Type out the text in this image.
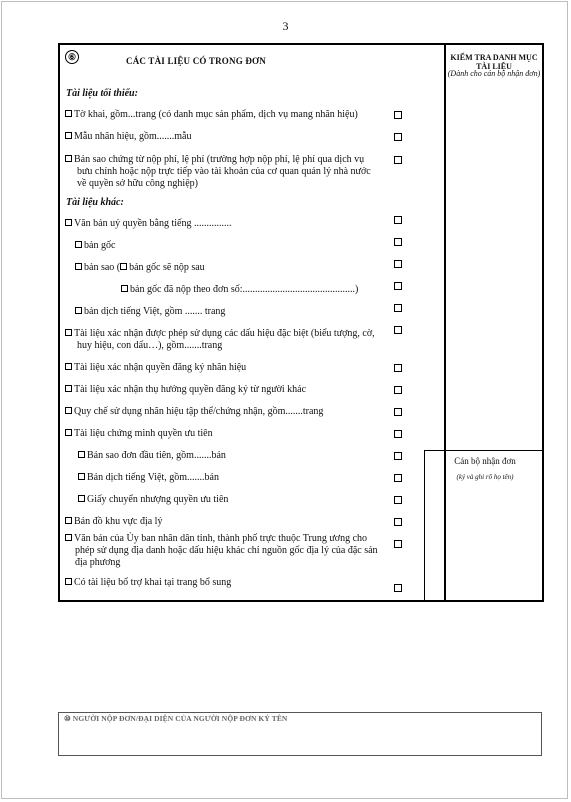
3
⑥	CÁC TÀI LIỆU CÓ TRONG ĐƠN	KIỂM TRA DANH MỤC TÀI LIỆU
(Dành cho cán bộ nhận đơn)
Tài liệu tối thiểu:
Tờ khai, gồm...trang (có danh mục sản phẩm, dịch vụ mang nhãn hiệu)
Mẫu nhãn hiệu, gồm.......mẫu
Bản sao chứng từ nộp phí, lệ phí (trường hợp nộp phí, lệ phí qua dịch vụ
bưu chính hoặc nộp trực tiếp vào tài khoản của cơ quan quản lý nhà nước
về quyền sở hữu công nghiệp)
Tài liệu khác:
Văn bản uỷ quyền bằng tiếng ...............
bản gốc
bản sao ( bản gốc sẽ nộp sau
bản gốc đã nộp theo đơn số:.............................................)
bản dịch tiếng Việt, gồm ....... trang
Tài liệu xác nhận được phép sử dụng các dấu hiệu đặc biệt (biểu tượng, cờ,
huy hiệu, con dấu…), gồm.......trang
Tài liệu xác nhận quyền đăng ký nhãn hiệu
Tài liệu xác nhận thụ hưởng quyền đăng ký từ người khác
Quy chế sử dụng nhãn hiệu tập thể/chứng nhận, gồm.......trang
Tài liệu chứng minh quyền ưu tiên
Bản sao đơn đầu tiên, gồm.......bản
Bản dịch tiếng Việt, gồm.......bản
Giấy chuyển nhượng quyền ưu tiên
Bản đồ khu vực địa lý
Văn bản của Ủy ban nhân dân tỉnh, thành phố trực thuộc Trung ương cho
phép sử dụng địa danh hoặc dấu hiệu khác chỉ nguồn gốc địa lý của đặc sản
địa phương
Có tài liệu bổ trợ khai tại trang bổ sung
Cán bộ nhận đơn
(ký và ghi rõ họ tên)
⑩ NGƯỜI NỘP ĐƠN/ĐẠI DIỆN CỦA NGƯỜI NỘP ĐƠN KÝ TÊN
